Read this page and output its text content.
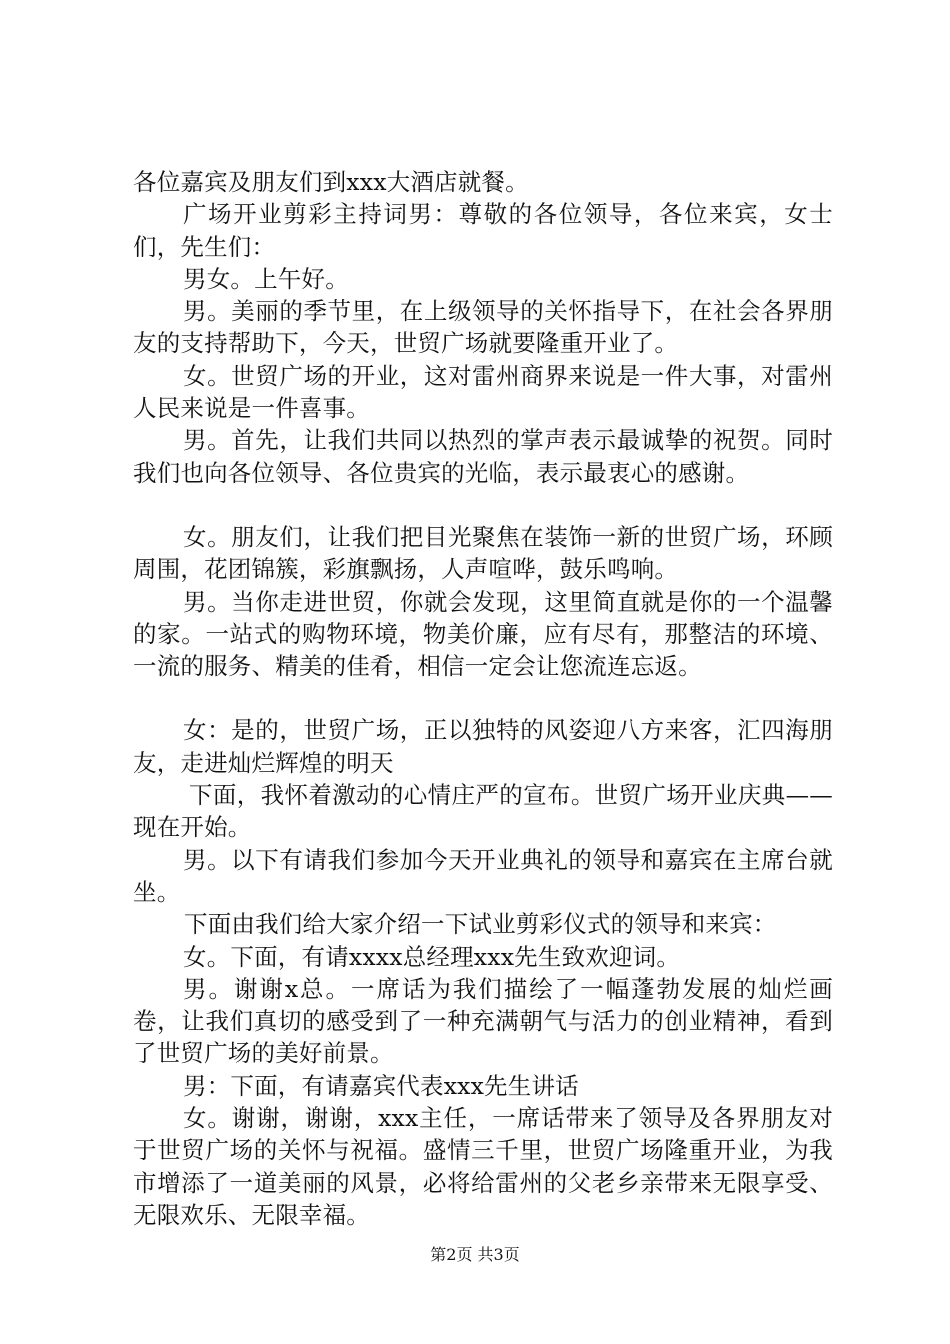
各位嘉宾及朋友们到xxx大酒店就餐。

广场开业剪彩主持词男：尊敬的各位领导，各位来宾，女士们，先生们：

男女。上午好。

男。美丽的季节里，在上级领导的关怀指导下，在社会各界朋友的支持帮助下，今天，世贸广场就要隆重开业了。

女。世贸广场的开业，这对雷州商界来说是一件大事，对雷州人民来说是一件喜事。

男。首先，让我们共同以热烈的掌声表示最诚挚的祝贺。同时我们也向各位领导、各位贵宾的光临，表示最衷心的感谢。

女。朋友们，让我们把目光聚焦在装饰一新的世贸广场，环顾周围，花团锦簇，彩旗飘扬，人声喧哗，鼓乐鸣响。

男。当你走进世贸，你就会发现，这里简直就是你的一个温馨的家。一站式的购物环境，物美价廉，应有尽有，那整洁的环境、一流的服务、精美的佳肴，相信一定会让您流连忘返。

女：是的，世贸广场，正以独特的风姿迎八方来客，汇四海朋友，走进灿烂辉煌的明天

下面，我怀着激动的心情庄严的宣布。世贸广场开业庆典——现在开始。

男。以下有请我们参加今天开业典礼的领导和嘉宾在主席台就坐。

下面由我们给大家介绍一下试业剪彩仪式的领导和来宾：

女。下面，有请xxxx总经理xxx先生致欢迎词。

男。谢谢x总。一席话为我们描绘了一幅蓬勃发展的灿烂画卷，让我们真切的感受到了一种充满朝气与活力的创业精神，看到了世贸广场的美好前景。

男：下面，有请嘉宾代表xxx先生讲话

女。谢谢，谢谢，xxx主任，一席话带来了领导及各界朋友对于世贸广场的关怀与祝福。盛情三千里，世贸广场隆重开业，为我市增添了一道美丽的风景，必将给雷州的父老乡亲带来无限享受、无限欢乐、无限幸福。

第2页 共3页
